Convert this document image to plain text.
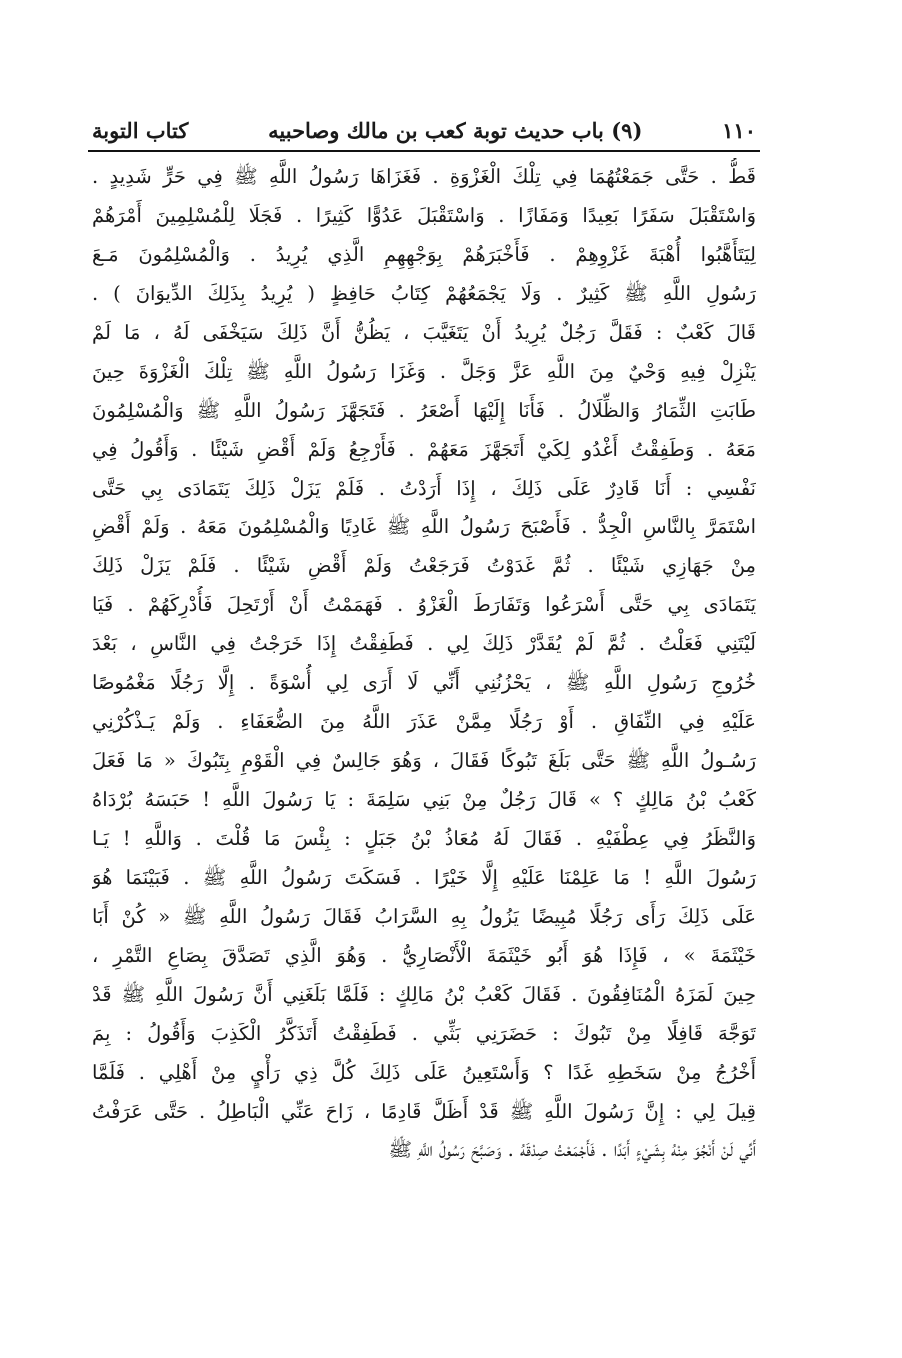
١١٠
(٩) باب حديث توبة كعب بن مالك وصاحبيه
كتاب التوبة
قَطُّ . حَتَّى جَمَعْتُهُمَا فِي تِلْكَ الْغَزْوَةِ . فَغَزَاهَا رَسُولُ اللَّهِ ﷺ فِي حَرٍّ شَدِيدٍ .
وَاسْتَقْبَلَ سَفَرًا بَعِيدًا وَمَفَازًا . وَاسْتَقْبَلَ عَدُوًّا كَثِيرًا . فَجَلَا لِلْمُسْلِمِينَ أَمْرَهُمْ
لِيَتَأَهَّبُوا أُهْبَةَ غَزْوِهِمْ . فَأَخْبَرَهُمْ بِوَجْهِهِمِ الَّذِي يُرِيدُ . وَالْمُسْلِمُونَ مَـعَ
رَسُولِ اللَّهِ ﷺ كَثِيرٌ . وَلَا يَجْمَعُهُمْ كِتَابُ حَافِظٍ ( يُرِيدُ بِذَلِكَ الدِّيوَانَ ) .
قَالَ كَعْبٌ : فَقَلَّ رَجُلٌ يُرِيدُ أَنْ يَتَغَيَّبَ ، يَظُنُّ أَنَّ ذَلِكَ سَيَخْفَى لَهُ ، مَا لَمْ
يَنْزِلْ فِيهِ وَحْيٌ مِنَ اللَّهِ عَزَّ وَجَلَّ . وَغَزَا رَسُولُ اللَّهِ ﷺ تِلْكَ الْغَزْوَةَ حِينَ
طَابَتِ الثِّمَارُ وَالظِّلَالُ . فَأَنَا إِلَيْهَا أَصْعَرُ . فَتَجَهَّزَ رَسُولُ اللَّهِ ﷺ وَالْمُسْلِمُونَ
مَعَهُ . وَطَفِقْتُ أَغْدُو لِكَيْ أَتَجَهَّزَ مَعَهُمْ . فَأَرْجِعُ وَلَمْ أَقْضِ شَيْئًا . وَأَقُولُ فِي
نَفْسِي : أَنَا قَادِرٌ عَلَى ذَلِكَ ، إِذَا أَرَدْتُ . فَلَمْ يَزَلْ ذَلِكَ يَتَمَادَى بِي حَتَّى
اسْتَمَرَّ بِالنَّاسِ الْجِدُّ . فَأَصْبَحَ رَسُولُ اللَّهِ ﷺ غَادِيًا وَالْمُسْلِمُونَ مَعَهُ . وَلَمْ أَقْضِ
مِنْ جَهَازِي شَيْئًا . ثُمَّ غَدَوْتُ فَرَجَعْتُ وَلَمْ أَقْضِ شَيْئًا . فَلَمْ يَزَلْ ذَلِكَ
يَتَمَادَى بِي حَتَّى أَسْرَعُوا وَتَفَارَطَ الْغَزْوُ . فَهَمَمْتُ أَنْ أَرْتَحِلَ فَأُدْرِكَهُمْ . فَيَا
لَيْتَنِي فَعَلْتُ . ثُمَّ لَمْ يُقَدَّرْ ذَلِكَ لِي . فَطَفِقْتُ إِذَا خَرَجْتُ فِي النَّاسِ ، بَعْدَ
خُرُوجِ رَسُولِ اللَّهِ ﷺ ، يَحْزُنُنِي أَنِّي لَا أَرَى لِي أُسْوَةً . إِلَّا رَجُلًا مَغْمُوصًا
عَلَيْهِ فِي النِّفَاقِ . أَوْ رَجُلًا مِمَّنْ عَذَرَ اللَّهُ مِنَ الضُّعَفَاءِ . وَلَمْ يَـذْكُرْنِي
رَسُـولُ اللَّهِ ﷺ حَتَّى بَلَغَ تَبُوكًا فَقَالَ ، وَهُوَ جَالِسٌ فِي الْقَوْمِ بِتَبُوكَ « مَا فَعَلَ
كَعْبُ بْنُ مَالِكٍ ؟ » قَالَ رَجُلٌ مِنْ بَنِي سَلِمَةَ : يَا رَسُولَ اللَّهِ ! حَبَسَهُ بُرْدَاهُ
وَالنَّظَرُ فِي عِطْفَيْهِ . فَقَالَ لَهُ مُعَاذُ بْنُ جَبَلٍ : بِئْسَ مَا قُلْتَ . وَاللَّهِ ! يَـا
رَسُولَ اللَّهِ ! مَا عَلِمْنَا عَلَيْهِ إِلَّا خَيْرًا . فَسَكَتَ رَسُولُ اللَّهِ ﷺ . فَبَيْنَمَا هُوَ
عَلَى ذَلِكَ رَأَى رَجُلًا مُبِيضًا يَزُولُ بِهِ السَّرَابُ فَقَالَ رَسُولُ اللَّهِ ﷺ « كُنْ أَبَا
خَيْثَمَةَ » ، فَإِذَا هُوَ أَبُو خَيْثَمَةَ الْأَنْصَارِيُّ . وَهُوَ الَّذِي تَصَدَّقَ بِصَاعِ التَّمْرِ ،
حِينَ لَمَزَهُ الْمُنَافِقُونَ . فَقَالَ كَعْبُ بْنُ مَالِكٍ : فَلَمَّا بَلَغَنِي أَنَّ رَسُولَ اللَّهِ ﷺ قَدْ
تَوَجَّهَ قَافِلًا مِنْ تَبُوكَ : حَضَرَنِي بَثِّي . فَطَفِقْتُ أَتَذَكَّرُ الْكَذِبَ وَأَقُولُ : بِمَ
أَخْرُجُ مِنْ سَخَطِهِ غَدًا ؟ وَأَسْتَعِينُ عَلَى ذَلِكَ كُلَّ ذِي رَأْيٍ مِنْ أَهْلِي . فَلَمَّا
قِيلَ لِي : إِنَّ رَسُولَ اللَّهِ ﷺ قَدْ أَظَلَّ قَادِمًا ، زَاحَ عَنِّي الْبَاطِلُ . حَتَّى عَرَفْتُ
أَنِّي لَنْ أَنْجُوَ مِنْهُ بِشَيْءٍ أَبَدًا . فَأَجْمَعْتُ صِدْقَهُ . وَصَبَّحَ رَسُولُ اللَّهِ ﷺ
